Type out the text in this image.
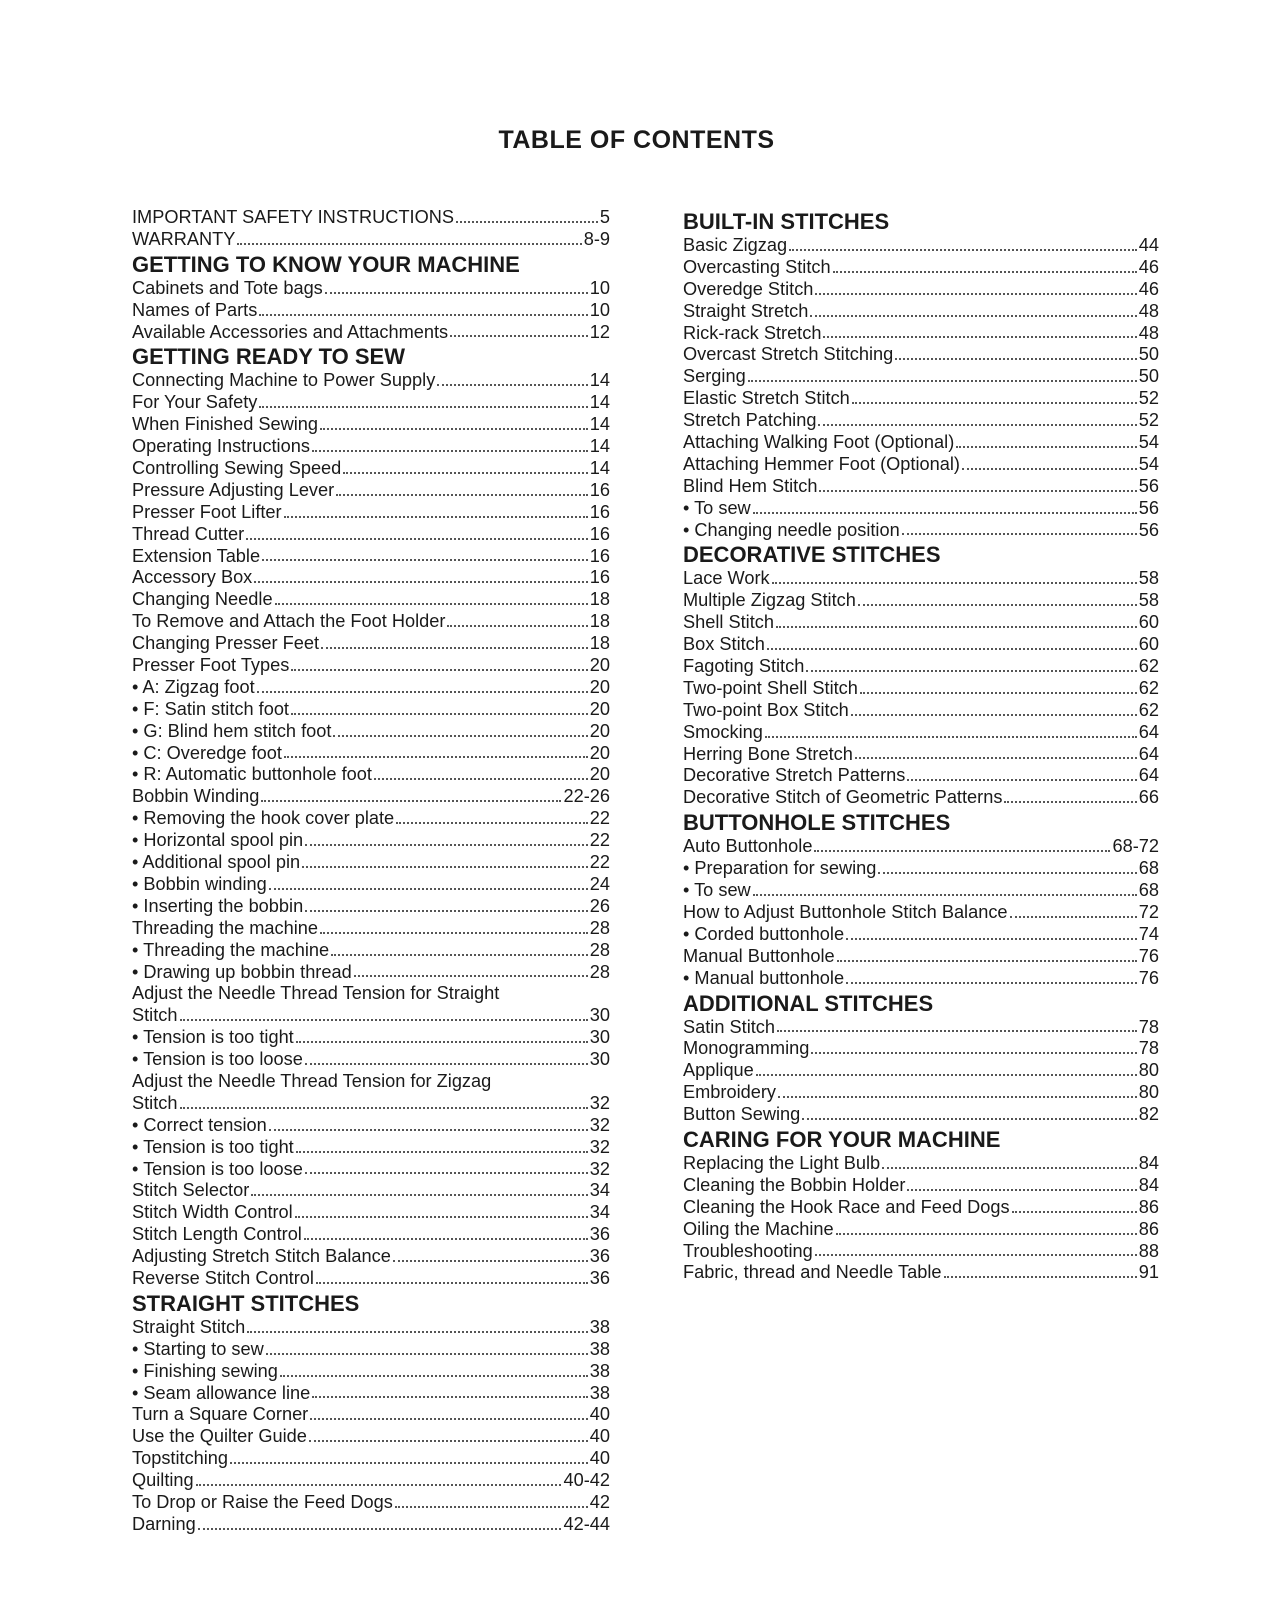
TABLE OF CONTENTS
IMPORTANT SAFETY INSTRUCTIONS	5
WARRANTY	8-9
GETTING TO KNOW YOUR MACHINE
Cabinets and Tote bags	10
Names of Parts	10
Available Accessories and Attachments	12
GETTING READY TO SEW
Connecting Machine to Power Supply	14
For Your Safety	14
When Finished Sewing	14
Operating Instructions	14
Controlling Sewing Speed	14
Pressure Adjusting Lever	16
Presser Foot Lifter	16
Thread Cutter	16
Extension Table	16
Accessory Box	16
Changing Needle	18
To Remove and Attach the Foot Holder	18
Changing Presser Feet	18
Presser Foot Types	20
• A: Zigzag foot	20
• F: Satin stitch foot	20
• G: Blind hem stitch foot	20
• C: Overedge foot	20
• R: Automatic buttonhole foot	20
Bobbin Winding	22-26
• Removing the hook cover plate	22
• Horizontal spool pin	22
• Additional spool pin	22
• Bobbin winding	24
• Inserting the bobbin	26
Threading the machine	28
• Threading the machine	28
• Drawing up bobbin thread	28
Adjust the Needle Thread Tension for Straight
Stitch	30
• Tension is too tight	30
• Tension is too loose	30
Adjust the Needle Thread Tension for Zigzag
Stitch	32
• Correct tension	32
• Tension is too tight	32
• Tension is too loose	32
Stitch Selector	34
Stitch Width Control	34
Stitch Length Control	36
Adjusting Stretch Stitch Balance	36
Reverse Stitch Control	36
STRAIGHT STITCHES
Straight Stitch	38
• Starting to sew	38
• Finishing sewing	38
• Seam allowance line	38
Turn a Square Corner	40
Use the Quilter Guide	40
Topstitching	40
Quilting	40-42
To Drop or Raise the Feed Dogs	42
Darning	42-44
BUILT-IN STITCHES
Basic Zigzag	44
Overcasting Stitch	46
Overedge Stitch	46
Straight Stretch	48
Rick-rack Stretch	48
Overcast Stretch Stitching	50
Serging	50
Elastic Stretch Stitch	52
Stretch Patching	52
Attaching Walking Foot (Optional)	54
Attaching Hemmer Foot (Optional)	54
Blind Hem Stitch	56
• To sew	56
• Changing needle position	56
DECORATIVE STITCHES
Lace Work	58
Multiple Zigzag Stitch	58
Shell Stitch	60
Box Stitch	60
Fagoting Stitch	62
Two-point Shell Stitch	62
Two-point Box Stitch	62
Smocking	64
Herring Bone Stretch	64
Decorative Stretch Patterns	64
Decorative Stitch of Geometric Patterns	66
BUTTONHOLE STITCHES
Auto Buttonhole	68-72
• Preparation for sewing	68
• To sew	68
How to Adjust Buttonhole Stitch Balance	72
• Corded buttonhole	74
Manual Buttonhole	76
• Manual buttonhole	76
ADDITIONAL STITCHES
Satin Stitch	78
Monogramming	78
Applique	80
Embroidery	80
Button Sewing	82
CARING FOR YOUR MACHINE
Replacing the Light Bulb	84
Cleaning the Bobbin Holder	84
Cleaning the Hook Race and Feed Dogs	86
Oiling the Machine	86
Troubleshooting	88
Fabric, thread and Needle Table	91
